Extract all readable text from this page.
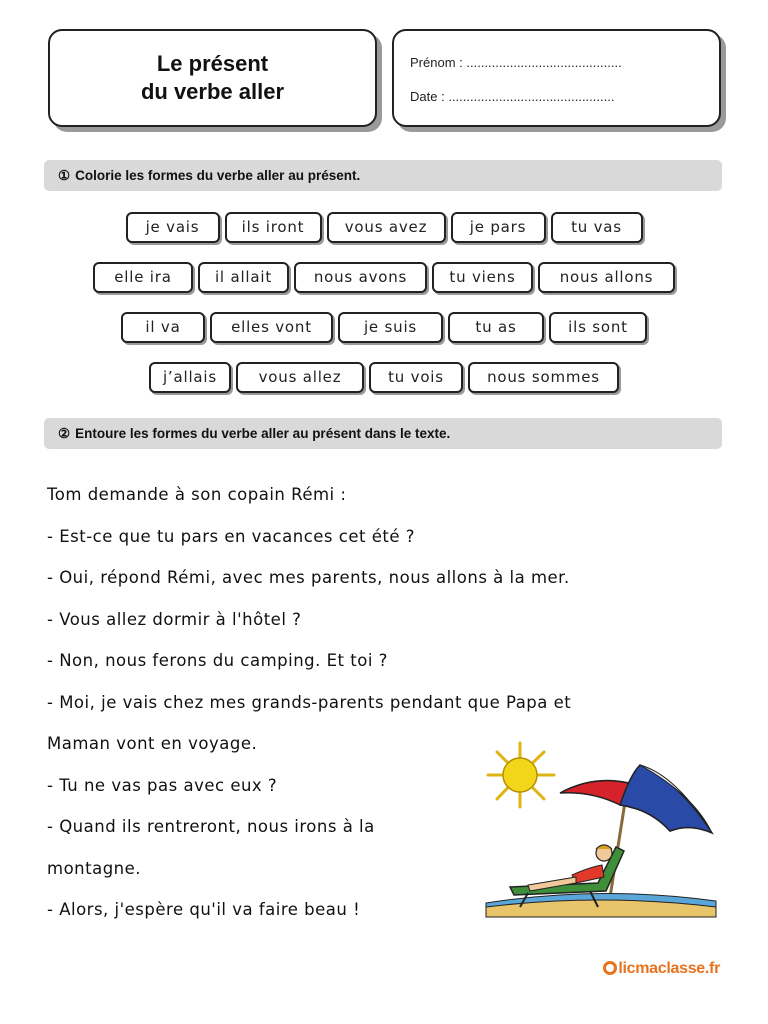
Le présent
du verbe aller
Prénom : ...........................................
Date : ..............................................
① Colorie les formes du verbe aller au présent.
je vais	ils iront	vous avez	je pars	tu vas
elle ira	il allait	nous avons	tu viens	nous allons
il va	elles vont	je suis	tu as	ils sont
j’allais	vous allez	tu vois	nous sommes
② Entoure les formes du verbe aller au présent dans le texte.
Tom demande à son copain Rémi :
- Est-ce que tu pars en vacances cet été ?
- Oui, répond Rémi, avec mes parents, nous allons à la mer.
- Vous allez dormir à l'hôtel ?
- Non, nous ferons du camping. Et toi ?
- Moi, je vais chez mes grands-parents pendant que Papa et
Maman vont en voyage.
- Tu ne vas pas avec eux ?
- Quand ils rentreront, nous irons à la
montagne.
- Alors, j'espère qu'il va faire beau !
licmaclasse.fr
